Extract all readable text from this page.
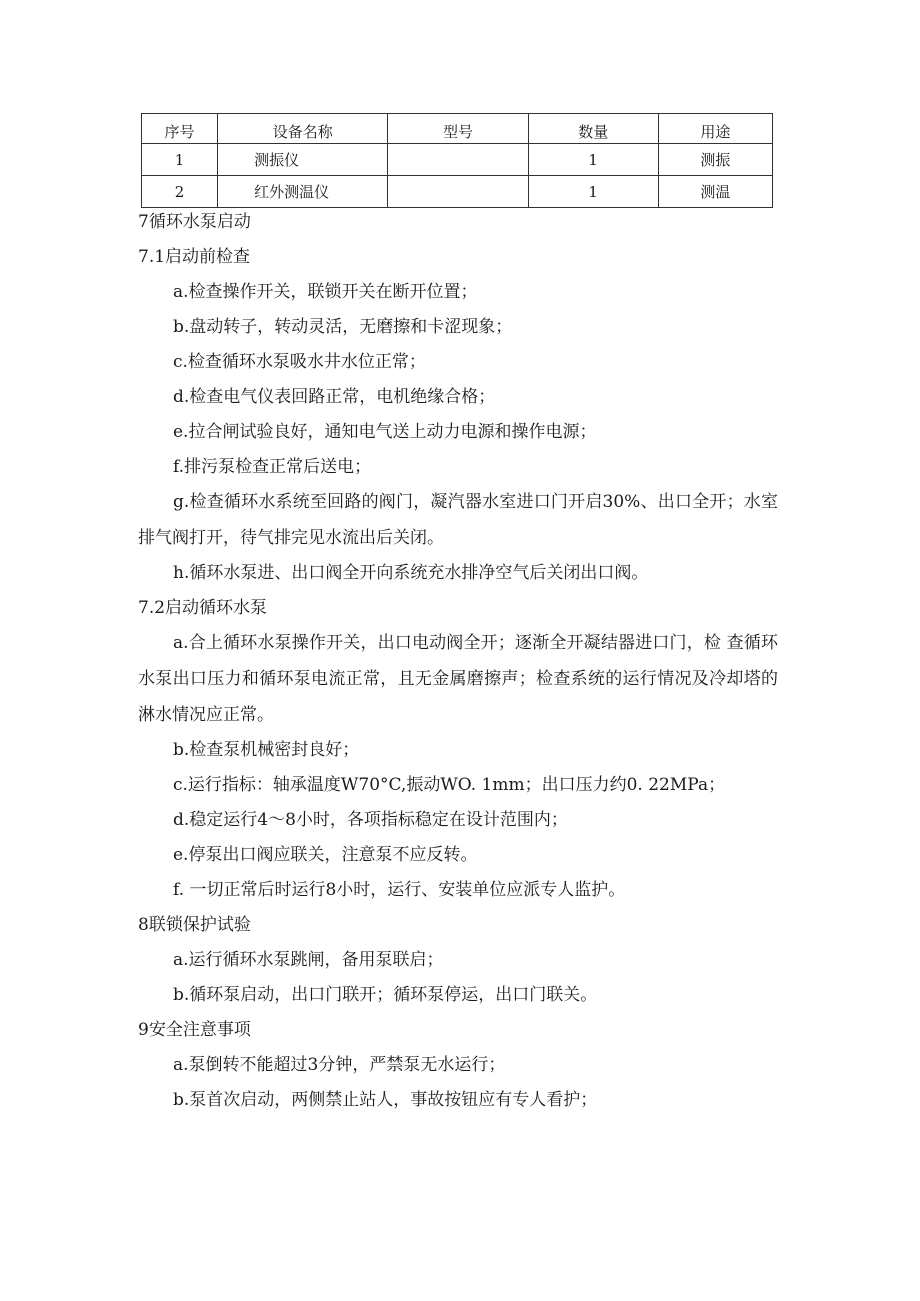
序号	设备名称	型号	数量	用途
1	测振仪		1	测振
2	红外测温仪		1	测温
7循环水泵启动
7.1启动前检查
a.检查操作开关，联锁开关在断开位置；
b.盘动转子，转动灵活，无磨擦和卡涩现象；
c.检查循环水泵吸水井水位正常；
d.检查电气仪表回路正常，电机绝缘合格；
e.拉合闸试验良好，通知电气送上动力电源和操作电源；
f.排污泵检查正常后送电；
g.检查循环水系统至回路的阀门，凝汽器水室进口门开启30%、出口全开；水室排气阀打开，待气排完见水流出后关闭。
h.循环水泵进、出口阀全开向系统充水排净空气后关闭出口阀。
7.2启动循环水泵
a.合上循环水泵操作开关，出口电动阀全开；逐渐全开凝结器进口门，检 查循环水泵出口压力和循环泵电流正常，且无金属磨擦声；检查系统的运行情况及冷却塔的淋水情况应正常。
b.检查泵机械密封良好；
c.运行指标：轴承温度W70°C,振动WO. 1mm；出口压力约0. 22MPa；
d.稳定运行4～8小时，各项指标稳定在设计范围内；
e.停泵出口阀应联关，注意泵不应反转。
f. 一切正常后时运行8小时，运行、安装单位应派专人监护。
8联锁保护试验
a.运行循环水泵跳闸，备用泵联启；
b.循环泵启动，出口门联开；循环泵停运，出口门联关。
9安全注意事项
a.泵倒转不能超过3分钟，严禁泵无水运行；
b.泵首次启动，两侧禁止站人，事故按钮应有专人看护；
